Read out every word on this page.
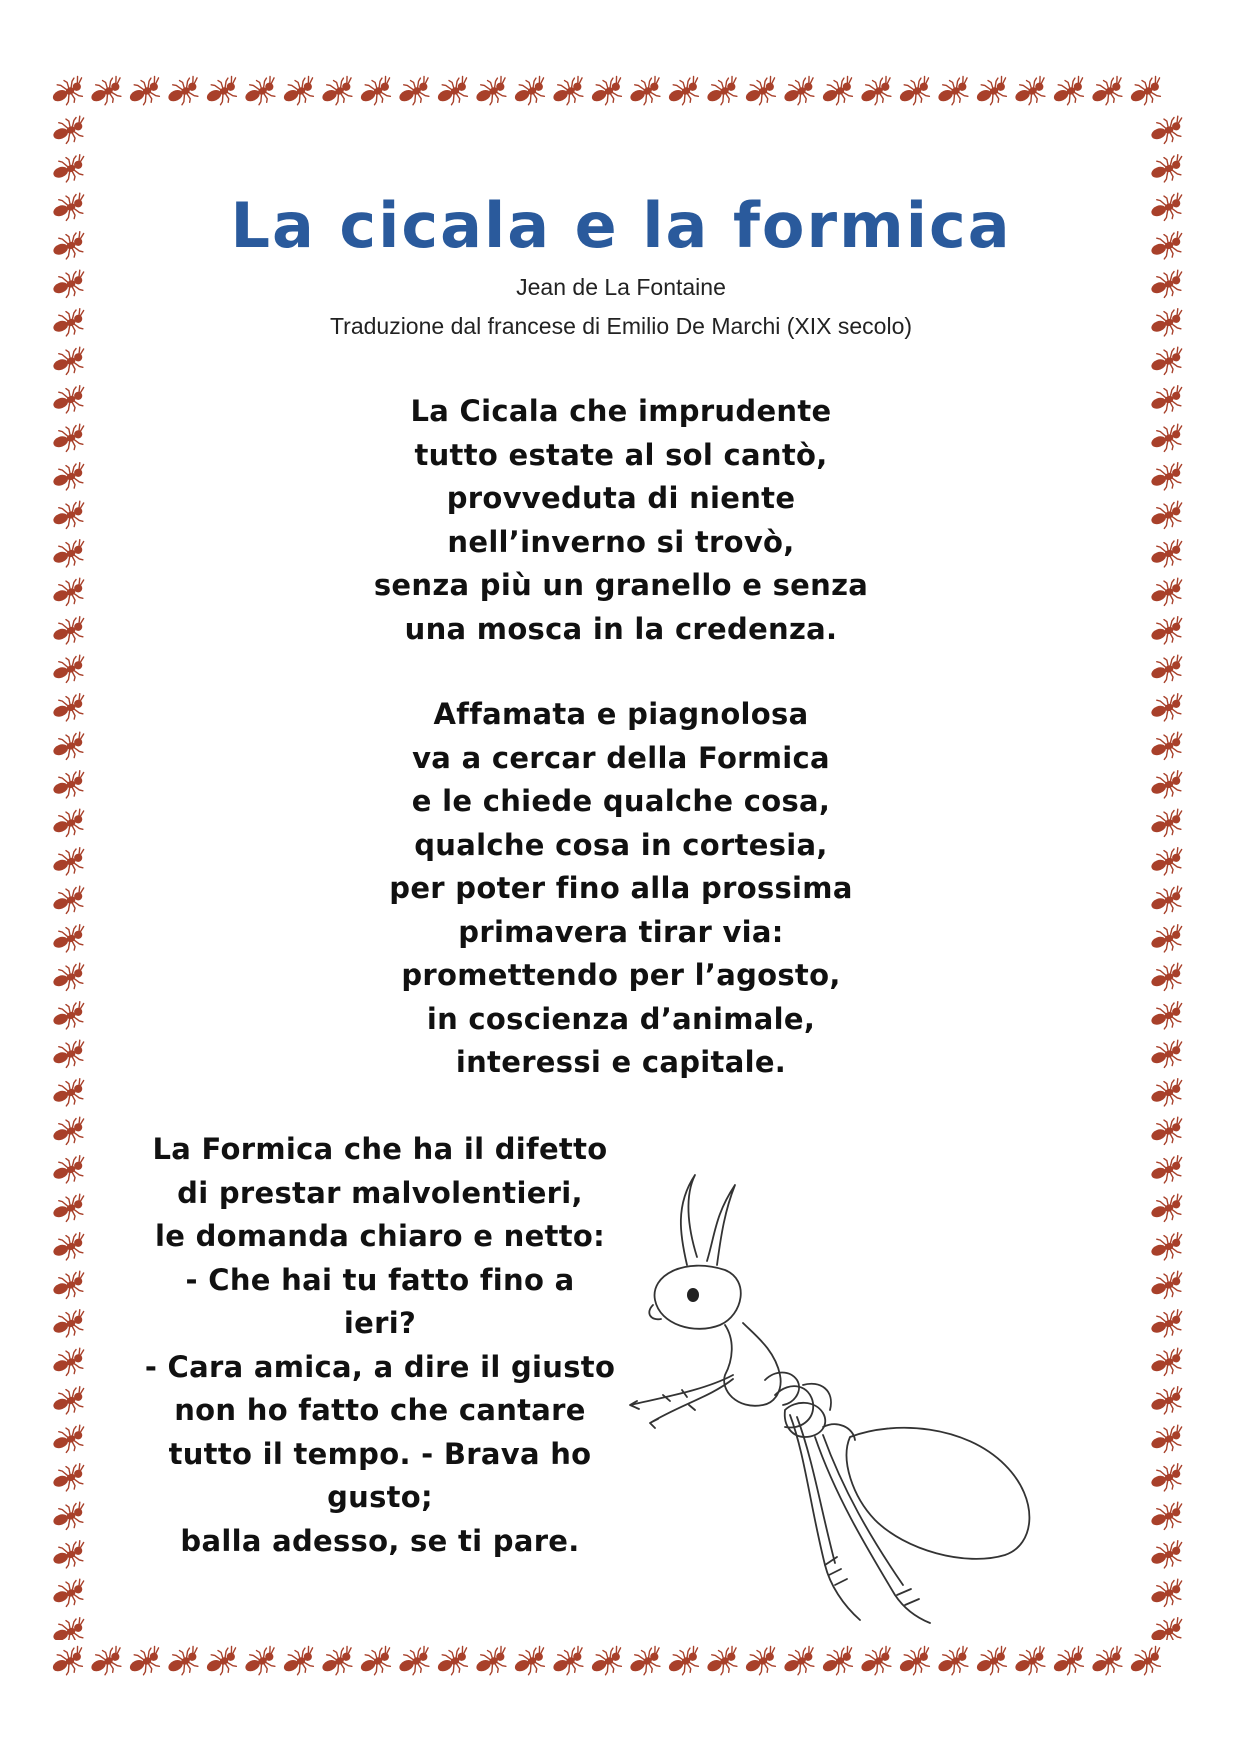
La cicala e la formica

Jean de La Fontaine

Traduzione dal francese di Emilio De Marchi (XIX secolo)

La Cicala che imprudente
tutto estate al sol cantò,
provveduta di niente
nell’inverno si trovò,
senza più un granello e senza
una mosca in la credenza.
Affamata e piagnolosa
va a cercar della Formica
e le chiede qualche cosa,
qualche cosa in cortesia,
per poter fino alla prossima
primavera tirar via:
promettendo per l’agosto,
in coscienza d’animale,
interessi e capitale.
La Formica che ha il difetto
di prestar malvolentieri,
le domanda chiaro e netto:
- Che hai tu fatto fino a
ieri?
- Cara amica, a dire il giusto
non ho fatto che cantare
tutto il tempo. - Brava ho
gusto;
balla adesso, se ti pare.
